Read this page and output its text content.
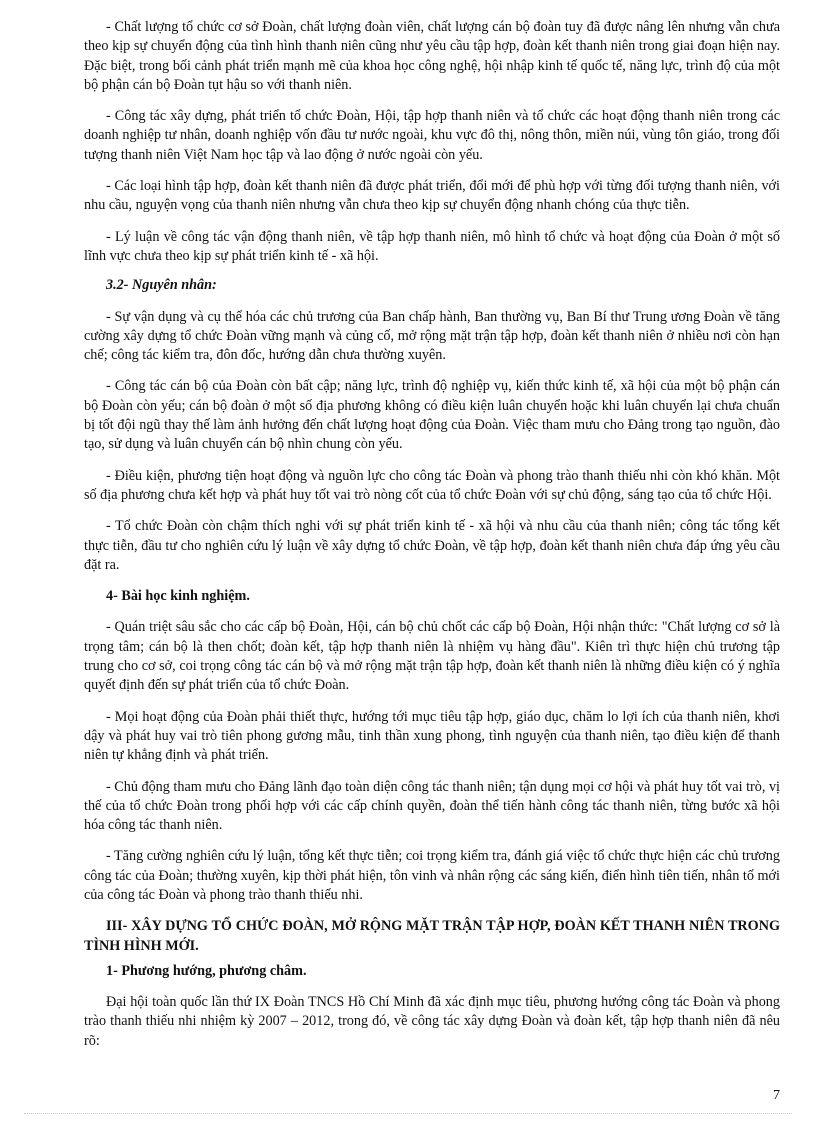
- Chất lượng tổ chức cơ sở Đoàn, chất lượng đoàn viên, chất lượng cán bộ đoàn tuy đã được nâng lên nhưng vẫn chưa theo kịp sự chuyển động của tình hình thanh niên cũng như yêu cầu tập hợp, đoàn kết thanh niên trong giai đoạn hiện nay. Đặc biệt, trong bối cảnh phát triển mạnh mẽ của khoa học công nghệ, hội nhập kinh tế quốc tế, năng lực, trình độ của một bộ phận cán bộ Đoàn tụt hậu so với thanh niên.

- Công tác xây dựng, phát triển tổ chức Đoàn, Hội, tập hợp thanh niên và tổ chức các hoạt động thanh niên trong các doanh nghiệp tư nhân, doanh nghiệp vốn đầu tư nước ngoài, khu vực đô thị, nông thôn, miền núi, vùng tôn giáo, trong đối tượng thanh niên Việt Nam học tập và lao động ở nước ngoài còn yếu.

- Các loại hình tập hợp, đoàn kết thanh niên đã được phát triển, đổi mới để phù hợp với từng đối tượng thanh niên, với nhu cầu, nguyện vọng của thanh niên nhưng vẫn chưa theo kịp sự chuyển động nhanh chóng của thực tiễn.

- Lý luận về công tác vận động thanh niên, về tập hợp thanh niên, mô hình tổ chức và hoạt động của Đoàn ở một số lĩnh vực chưa theo kịp sự phát triển kinh tế - xã hội.

3.2- Nguyên nhân:

- Sự vận dụng và cụ thể hóa các chủ trương của Ban chấp hành, Ban thường vụ, Ban Bí thư Trung ương Đoàn về tăng cường xây dựng tổ chức Đoàn vững mạnh và củng cố, mở rộng mặt trận tập hợp, đoàn kết thanh niên ở nhiều nơi còn hạn chế; công tác kiểm tra, đôn đốc, hướng dẫn chưa thường xuyên.

- Công tác cán bộ của Đoàn còn bất cập; năng lực, trình độ nghiệp vụ, kiến thức kinh tế, xã hội của một bộ phận cán bộ Đoàn còn yếu; cán bộ đoàn ở một số địa phương không có điều kiện luân chuyển hoặc khi luân chuyển lại chưa chuẩn bị tốt đội ngũ thay thế làm ảnh hưởng đến chất lượng hoạt động của Đoàn. Việc tham mưu cho Đảng trong tạo nguồn, đào tạo, sử dụng và luân chuyển cán bộ nhìn chung còn yếu.

- Điều kiện, phương tiện hoạt động và nguồn lực cho công tác Đoàn và phong trào thanh thiếu nhi còn khó khăn. Một số địa phương chưa kết hợp và phát huy tốt vai trò nòng cốt của tổ chức Đoàn với sự chủ động, sáng tạo của tổ chức Hội.

- Tổ chức Đoàn còn chậm thích nghi với sự phát triển kinh tế - xã hội và nhu cầu của thanh niên; công tác tổng kết thực tiễn, đầu tư cho nghiên cứu lý luận về xây dựng tổ chức Đoàn, về tập hợp, đoàn kết thanh niên chưa đáp ứng yêu cầu đặt ra.

4- Bài học kinh nghiệm.

- Quán triệt sâu sắc cho các cấp bộ Đoàn, Hội, cán bộ chủ chốt các cấp bộ Đoàn, Hội nhận thức: "Chất lượng cơ sở là trọng tâm; cán bộ là then chốt; đoàn kết, tập hợp thanh niên là nhiệm vụ hàng đầu". Kiên trì thực hiện chủ trương tập trung cho cơ sở, coi trọng công tác cán bộ và mở rộng mặt trận tập hợp, đoàn kết thanh niên là những điều kiện có ý nghĩa quyết định đến sự phát triển của tổ chức Đoàn.

- Mọi hoạt động của Đoàn phải thiết thực, hướng tới mục tiêu tập hợp, giáo dục, chăm lo lợi ích của thanh niên, khơi dậy và phát huy vai trò tiên phong gương mẫu, tinh thần xung phong, tình nguyện của thanh niên, tạo điều kiện để thanh niên tự khẳng định và phát triển.

- Chủ động tham mưu cho Đảng lãnh đạo toàn diện công tác thanh niên; tận dụng mọi cơ hội và phát huy tốt vai trò, vị thế của tổ chức Đoàn trong phối hợp với các cấp chính quyền, đoàn thể tiến hành công tác thanh niên, từng bước xã hội hóa công tác thanh niên.

- Tăng cường nghiên cứu lý luận, tổng kết thực tiễn; coi trọng kiểm tra, đánh giá việc tổ chức thực hiện các chủ trương công tác của Đoàn; thường xuyên, kịp thời phát hiện, tôn vinh và nhân rộng các sáng kiến, điển hình tiên tiến, nhân tố mới của công tác Đoàn và phong trào thanh thiếu nhi.

III- XÂY DỰNG TỔ CHỨC ĐOÀN, MỞ RỘNG MẶT TRẬN TẬP HỢP, ĐOÀN KẾT THANH NIÊN TRONG TÌNH HÌNH MỚI.

1- Phương hướng, phương châm.

Đại hội toàn quốc lần thứ IX Đoàn TNCS Hồ Chí Minh đã xác định mục tiêu, phương hướng công tác Đoàn và phong trào thanh thiếu nhi nhiệm kỳ 2007 – 2012, trong đó, về công tác xây dựng Đoàn và đoàn kết, tập hợp thanh niên đã nêu rõ:

7
